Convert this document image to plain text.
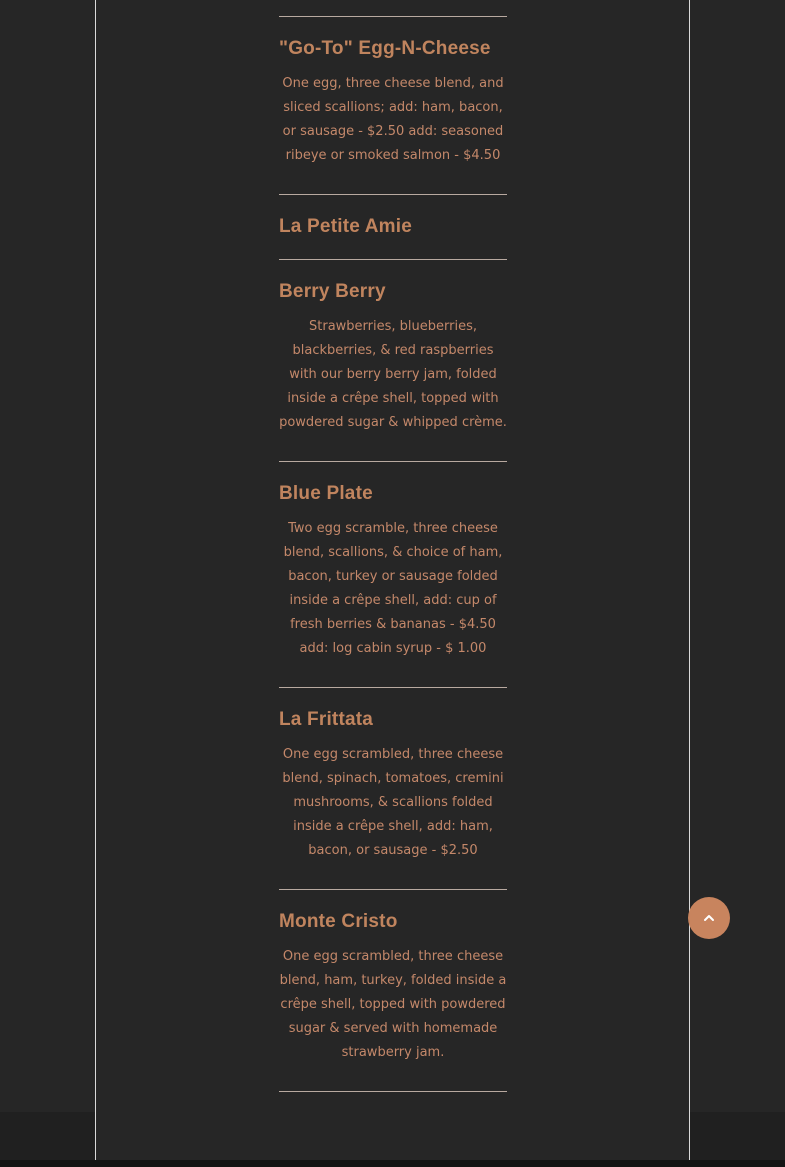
"Go-To" Egg-N-Cheese
One egg, three cheese blend, and sliced scallions; add: ham, bacon, or sausage - $2.50 add: seasoned ribeye or smoked salmon - $4.50
La Petite Amie
Berry Berry
Strawberries, blueberries, blackberries, & red raspberries with our berry berry jam, folded inside a crêpe shell, topped with powdered sugar & whipped crème.
Blue Plate
Two egg scramble, three cheese blend, scallions, & choice of ham, bacon, turkey or sausage folded inside a crêpe shell, add: cup of fresh berries & bananas - $4.50 add: log cabin syrup - $ 1.00
La Frittata
One egg scrambled, three cheese blend, spinach, tomatoes, cremini mushrooms, & scallions folded inside a crêpe shell, add: ham, bacon, or sausage - $2.50
Monte Cristo
One egg scrambled, three cheese blend, ham, turkey, folded inside a crêpe shell, topped with powdered sugar & served with homemade strawberry jam.
